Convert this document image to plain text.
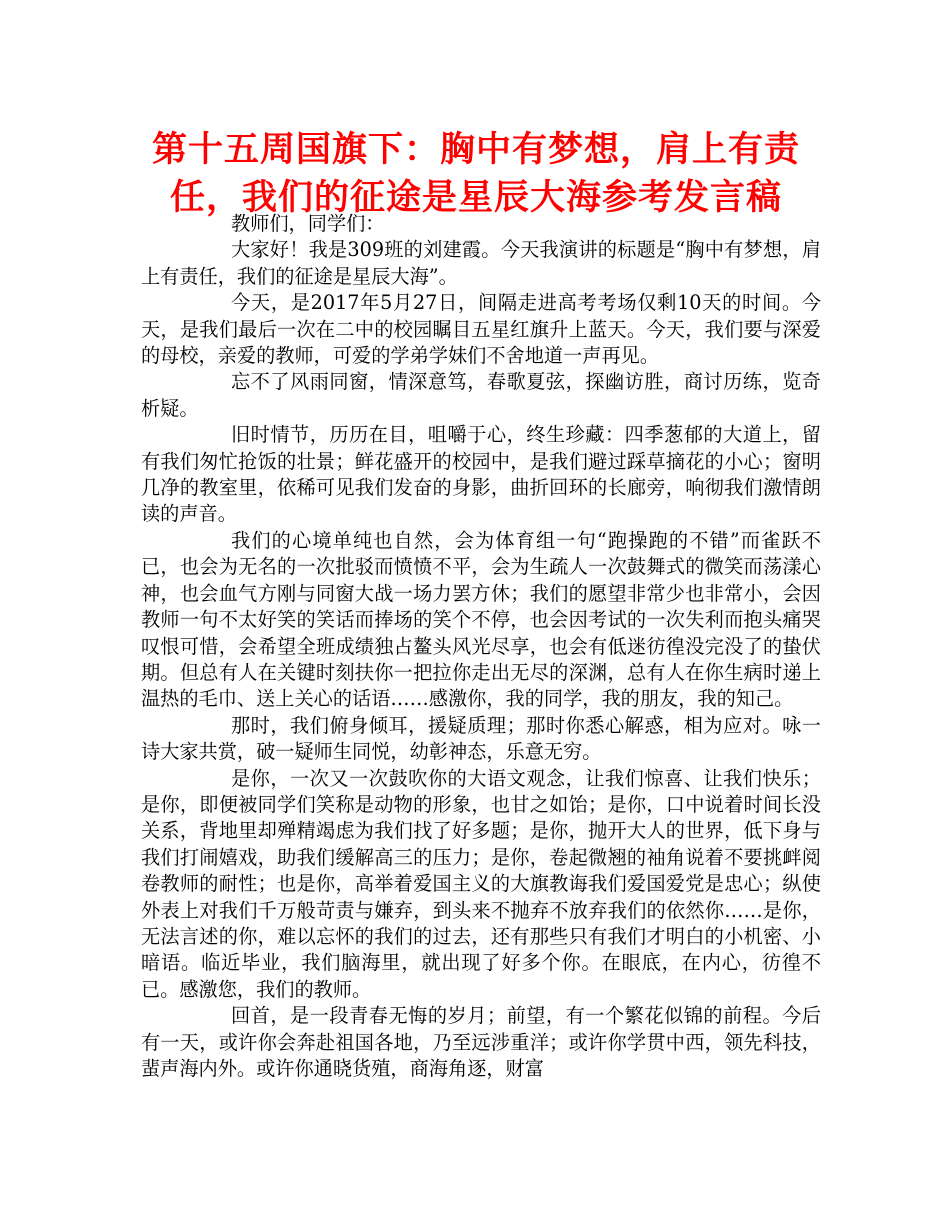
第十五周国旗下：胸中有梦想，肩上有责任，我们的征途是星辰大海参考发言稿

教师们，同学们：

大家好！我是309班的刘建霞。今天我演讲的标题是“胸中有梦想，肩上有责任，我们的征途是星辰大海”。

今天，是2017年5月27日，间隔走进高考考场仅剩10天的时间。今天，是我们最后一次在二中的校园瞩目五星红旗升上蓝天。今天，我们要与深爱的母校，亲爱的教师，可爱的学弟学妹们不舍地道一声再见。

忘不了风雨同窗，情深意笃，春歌夏弦，探幽访胜，商讨历练，览奇析疑。

旧时情节，历历在目，咀嚼于心，终生珍藏：四季葱郁的大道上，留有我们匆忙抢饭的壮景；鲜花盛开的校园中，是我们避过踩草摘花的小心；窗明几净的教室里，依稀可见我们发奋的身影，曲折回环的长廊旁，响彻我们激情朗读的声音。

我们的心境单纯也自然，会为体育组一句“跑操跑的不错”而雀跃不已，也会为无名的一次批驳而愤愤不平，会为生疏人一次鼓舞式的微笑而荡漾心神，也会血气方刚与同窗大战一场力罢方休；我们的愿望非常少也非常小，会因教师一句不太好笑的笑话而捧场的笑个不停，也会因考试的一次失利而抱头痛哭叹恨可惜，会希望全班成绩独占鳌头风光尽享，也会有低迷彷徨没完没了的蛰伏期。但总有人在关键时刻扶你一把拉你走出无尽的深渊，总有人在你生病时递上温热的毛巾、送上关心的话语……感激你，我的同学，我的朋友，我的知己。

那时，我们俯身倾耳，援疑质理；那时你悉心解惑，相为应对。咏一诗大家共赏，破一疑师生同悦，幼彰神态，乐意无穷。

是你，一次又一次鼓吹你的大语文观念，让我们惊喜、让我们快乐；是你，即便被同学们笑称是动物的形象，也甘之如饴；是你，口中说着时间长没关系，背地里却殚精竭虑为我们找了好多题；是你，抛开大人的世界，低下身与我们打闹嬉戏，助我们缓解高三的压力；是你，卷起微翘的袖角说着不要挑衅阅卷教师的耐性；也是你，高举着爱国主义的大旗教诲我们爱国爱党是忠心；纵使外表上对我们千万般苛责与嫌弃，到头来不抛弃不放弃我们的依然你……是你，无法言述的你，难以忘怀的我们的过去，还有那些只有我们才明白的小机密、小暗语。临近毕业，我们脑海里，就出现了好多个你。在眼底，在内心，彷徨不已。感激您，我们的教师。

回首，是一段青春无悔的岁月；前望，有一个繁花似锦的前程。今后有一天，或许你会奔赴祖国各地，乃至远涉重洋；或许你学贯中西，领先科技，蜚声海内外。或许你通晓货殖，商海角逐，财富
